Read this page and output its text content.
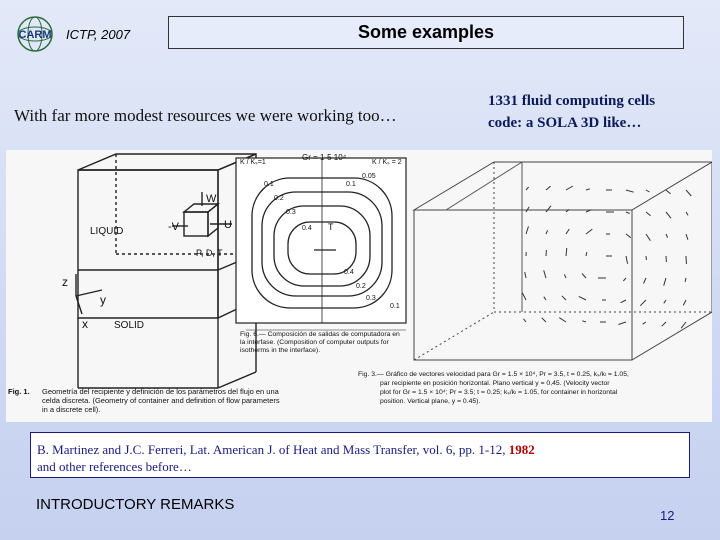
CARM ICTP, 2007	Some examples
With far more modest resources we were working too…
1331 fluid computing cells
code: a SOLA 3D like…
W
-V	U
P, D, T
LIQUID
SOLID
z
y
x
Fig. 1. Geometría del recipiente y definición de los parámetros del flujo en una
celda discreta. (Geometry of container and definition of flow parameters
in a discrete cell).
K / Kₛ=1
Gr = 1·5 10⁴
K / Kₛ = 2
0.1
0.2
0.3
0.4
0.1
0.05
0.4
0.2
0.3
0.1
T
Fig. 6.— Composición de salidas de computadora en
la interfase. (Composition of computer outputs for
isotherms in the interface).
Fig. 3.— Gráfico de vectores velocidad para Gr = 1.5 × 10⁴, Pr = 3.5, t = 0.25, kₛ/kₗ = 1.05,
par recipiente en posición horizontal. Plano vertical y = 0,45. (Velocity vector
plot for Gr = 1.5 × 10⁴; Pr = 3.5; t = 0.25; kₛ/kₗ = 1.05, for container in horizontal
position. Vertical plane, y = 0.45).
B. Martinez and J.C. Ferreri, Lat. American J. of Heat and Mass Transfer, vol. 6, pp. 1-12, 1982
and other references before…
INTRODUCTORY REMARKS
12
